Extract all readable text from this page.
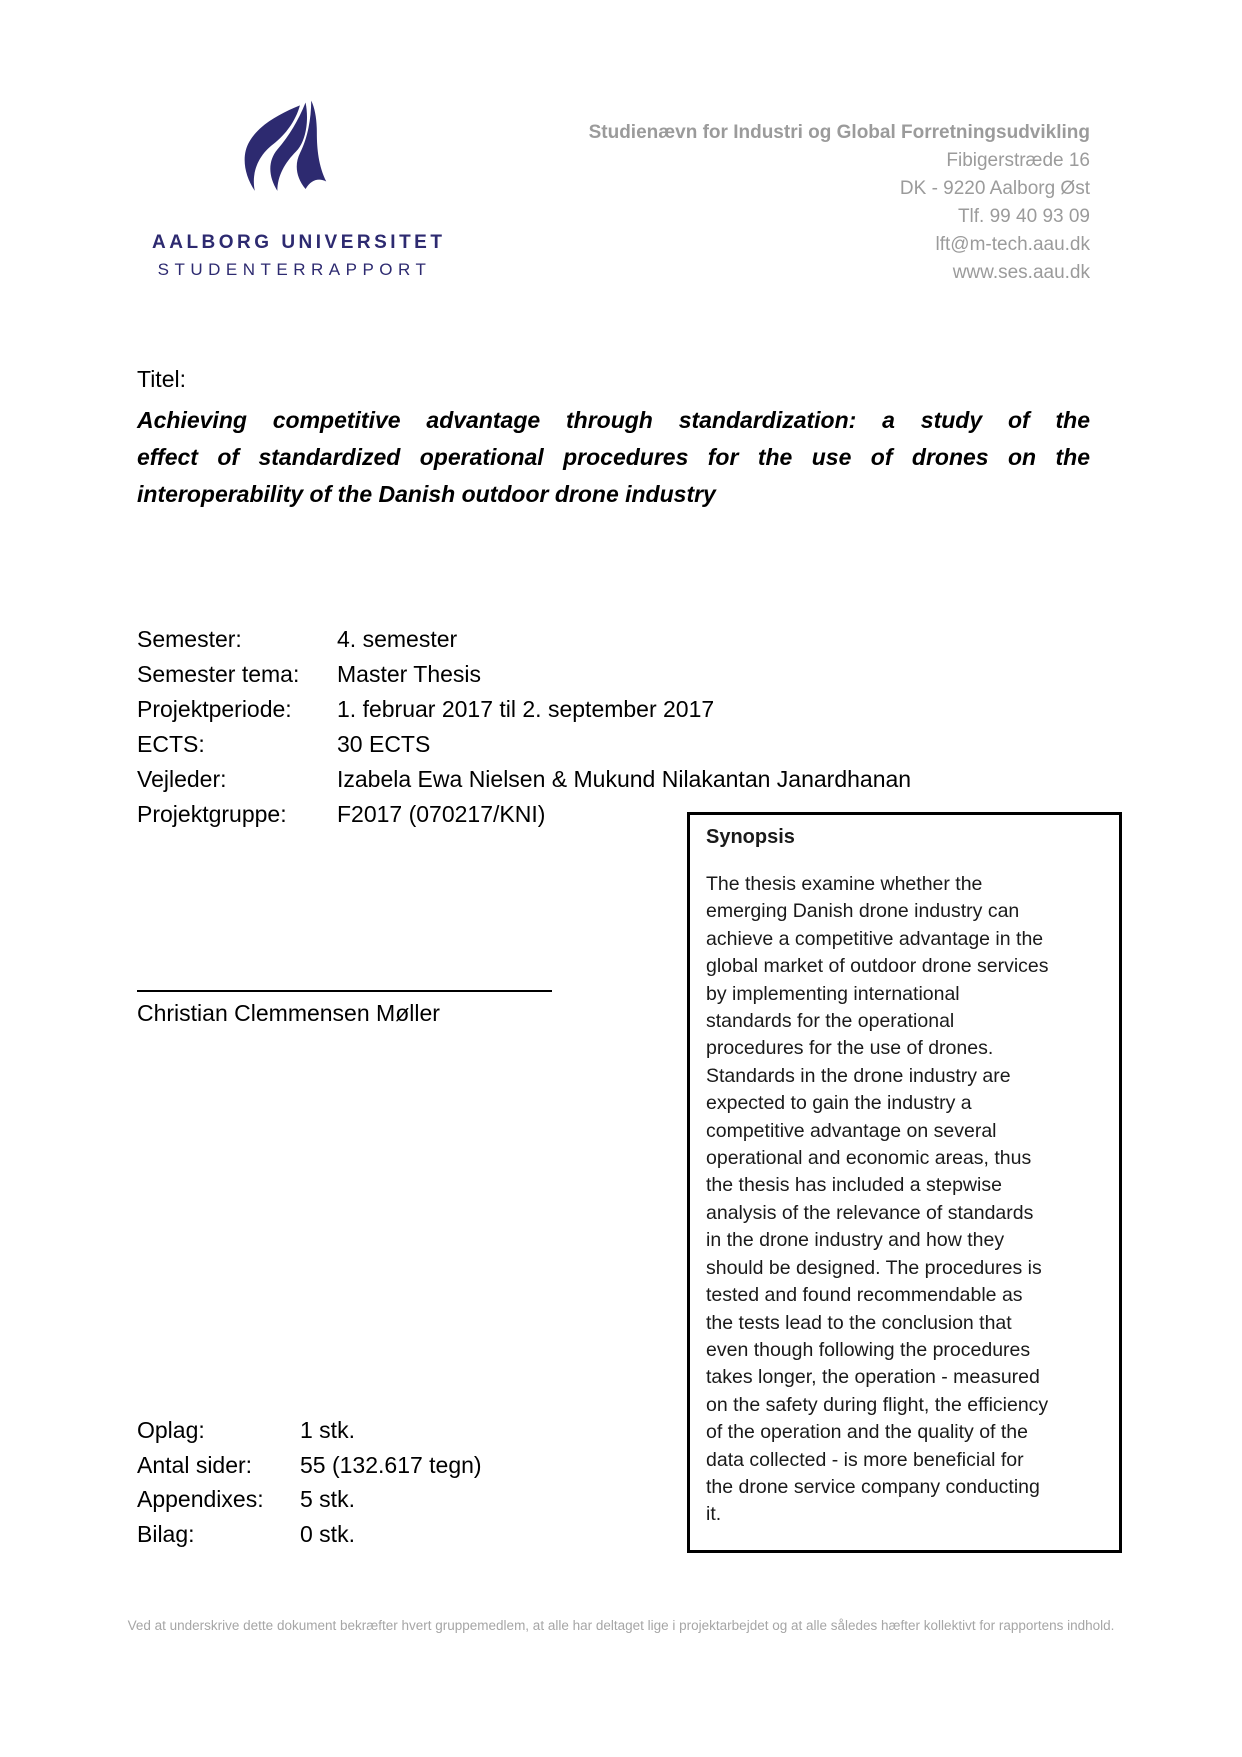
AALBORG UNIVERSITET
STUDENTERRAPPORT
Studienævn for Industri og Global Forretningsudvikling
Fibigerstræde 16
DK - 9220 Aalborg Øst
Tlf. 99 40 93 09
lft@m-tech.aau.dk
www.ses.aau.dk
Titel:
Achieving competitive advantage through standardization: a study of the
effect of standardized operational procedures for the use of drones on the
interoperability of the Danish outdoor drone industry
Semester:	4. semester
Semester tema:	Master Thesis
Projektperiode:	1. februar 2017 til 2. september 2017
ECTS:	30 ECTS
Vejleder:	Izabela Ewa Nielsen & Mukund Nilakantan Janardhanan
Projektgruppe:	F2017 (070217/KNI)
Christian Clemmensen Møller
Synopsis
The thesis examine whether the
emerging Danish drone industry can
achieve a competitive advantage in the
global market of outdoor drone services
by implementing international
standards for the operational
procedures for the use of drones.
Standards in the drone industry are
expected to gain the industry a
competitive advantage on several
operational and economic areas, thus
the thesis has included a stepwise
analysis of the relevance of standards
in the drone industry and how they
should be designed. The procedures is
tested and found recommendable as
the tests lead to the conclusion that
even though following the procedures
takes longer, the operation - measured
on the safety during flight, the efficiency
of the operation and the quality of the
data collected - is more beneficial for
the drone service company conducting
it.
Oplag:	1 stk.
Antal sider:	55 (132.617 tegn)
Appendixes:	5 stk.
Bilag:	0 stk.
Ved at underskrive dette dokument bekræfter hvert gruppemedlem, at alle har deltaget lige i projektarbejdet og at alle således hæfter kollektivt for rapportens indhold.
